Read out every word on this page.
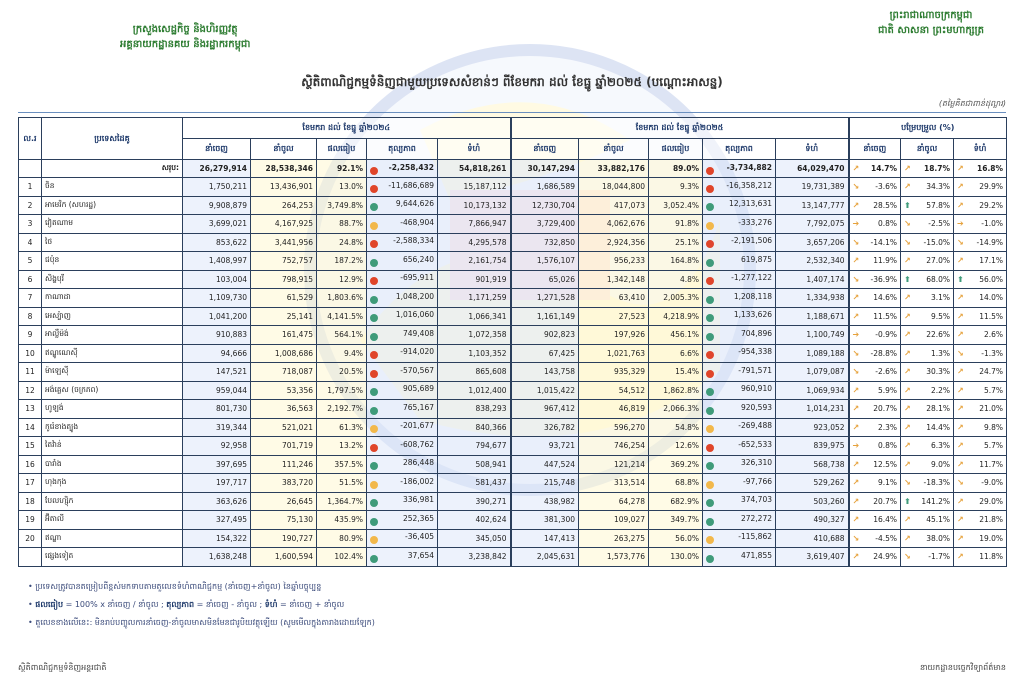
ក្រសួងសេដ្ឋកិច្ច និងហិរញ្ញវត្ថុ
អគ្គនាយកដ្ឋានគយ និងរដ្ឋាករកម្ពុជា
ព្រះរាជាណាចក្រកម្ពុជា
ជាតិ សាសនា ព្រះមហាក្សត្រ
ស្ថិតិពាណិជ្ជកម្មទំនិញជាមួយប្រទេសសំខាន់ៗ ពីខែមករា ដល់ ខែធ្នូ ឆ្នាំ២០២៥ (បណ្ដោះអាសន្ន)
(តម្លៃគិតជាពាន់ដុល្លារ)
ល.រ	ប្រទេសដៃគូ	ខែមករា ដល់ ខែធ្នូ ឆ្នាំ២០២៤					ខែមករា ដល់ ខែធ្នូ ឆ្នាំ២០២៥					បម្រែបម្រួល (%)		
		នាំចេញ	នាំចូល	ផលធៀប	តុល្យភាព	ទំហំ	នាំចេញ	នាំចូល	ផលធៀប	តុល្យភាព	ទំហំ	នាំចេញ	នាំចូល	ទំហំ
	សរុប:	26,279,914	28,538,346	92.1%	-2,258,432	54,818,261	30,147,294	33,882,176	89.0%	-3,734,882	64,029,470	↗ 14.7%	↗ 18.7%	↗ 16.8%
1	ចិន	1,750,211	13,436,901	13.0%	-11,686,689	15,187,112	1,686,589	18,044,800	9.3%	-16,358,212	19,731,389	↘ -3.6%	↗ 34.3%	↗ 29.9%
2	អាមេរិក (សហរដ្ឋ)	9,908,879	264,253	3,749.8%	9,644,626	10,173,132	12,730,704	417,073	3,052.4%	12,313,631	13,147,777	↗ 28.5%	⬆ 57.8%	↗ 29.2%
3	វៀតណាម	3,699,021	4,167,925	88.7%	-468,904	7,866,947	3,729,400	4,062,676	91.8%	-333,276	7,792,075	➔ 0.8%	↘ -2.5%	➔ -1.0%
4	ថៃ	853,622	3,441,956	24.8%	-2,588,334	4,295,578	732,850	2,924,356	25.1%	-2,191,506	3,657,206	↘ -14.1%	↘ -15.0%	↘ -14.9%
5	ជប៉ុន	1,408,997	752,757	187.2%	656,240	2,161,754	1,576,107	956,233	164.8%	619,875	2,532,340	↗ 11.9%	↗ 27.0%	↗ 17.1%
6	សិង្ហបុរី	103,004	798,915	12.9%	-695,911	901,919	65,026	1,342,148	4.8%	-1,277,122	1,407,174	↘ -36.9%	⬆ 68.0%	⬆ 56.0%
7	កាណាដា	1,109,730	61,529	1,803.6%	1,048,200	1,171,259	1,271,528	63,410	2,005.3%	1,208,118	1,334,938	↗ 14.6%	↗ 3.1%	↗ 14.0%
8	អេស្ប៉ាញ	1,041,200	25,141	4,141.5%	1,016,060	1,066,341	1,161,149	27,523	4,218.9%	1,133,626	1,188,671	↗ 11.5%	↗ 9.5%	↗ 11.5%
9	អាល្លឺម៉ង់	910,883	161,475	564.1%	749,408	1,072,358	902,823	197,926	456.1%	704,896	1,100,749	➔ -0.9%	↗ 22.6%	↗ 2.6%
10	ឥណ្ឌូណេស៊ី	94,666	1,008,686	9.4%	-914,020	1,103,352	67,425	1,021,763	6.6%	-954,338	1,089,188	↘ -28.8%	↗ 1.3%	↘ -1.3%
11	ម៉ាឡេស៊ី	147,521	718,087	20.5%	-570,567	865,608	143,758	935,329	15.4%	-791,571	1,079,087	↘ -2.6%	↗ 30.3%	↗ 24.7%
12	អង់គ្លេស (ចក្រភព)	959,044	53,356	1,797.5%	905,689	1,012,400	1,015,422	54,512	1,862.8%	960,910	1,069,934	↗ 5.9%	↗ 2.2%	↗ 5.7%
13	ហូឡង់	801,730	36,563	2,192.7%	765,167	838,293	967,412	46,819	2,066.3%	920,593	1,014,231	↗ 20.7%	↗ 28.1%	↗ 21.0%
14	កូរ៉េខាងត្បូង	319,344	521,021	61.3%	-201,677	840,366	326,782	596,270	54.8%	-269,488	923,052	↗ 2.3%	↗ 14.4%	↗ 9.8%
15	តៃវ៉ាន់	92,958	701,719	13.2%	-608,762	794,677	93,721	746,254	12.6%	-652,533	839,975	➔ 0.8%	↗ 6.3%	↗ 5.7%
16	បារាំង	397,695	111,246	357.5%	286,448	508,941	447,524	121,214	369.2%	326,310	568,738	↗ 12.5%	↗ 9.0%	↗ 11.7%
17	ហុងកុង	197,717	383,720	51.5%	-186,002	581,437	215,748	313,514	68.8%	-97,766	529,262	↗ 9.1%	↘ -18.3%	↘ -9.0%
18	បែលហ្ស៊ិក	363,626	26,645	1,364.7%	336,981	390,271	438,982	64,278	682.9%	374,703	503,260	↗ 20.7%	⬆ 141.2%	↗ 29.0%
19	អ៊ីតាលី	327,495	75,130	435.9%	252,365	402,624	381,300	109,027	349.7%	272,272	490,327	↗ 16.4%	↗ 45.1%	↗ 21.8%
20	ឥណ្ឌា	154,322	190,727	80.9%	-36,405	345,050	147,413	263,275	56.0%	-115,862	410,688	↘ -4.5%	↗ 38.0%	↗ 19.0%
	ផ្សេងទៀត	1,638,248	1,600,594	102.4%	37,654	3,238,842	2,045,631	1,573,776	130.0%	471,855	3,619,407	↗ 24.9%	↘ -1.7%	↗ 11.8%
• ប្រទេសត្រូវបានតម្រៀបពីខ្ពស់មកទាបតាមតួលេខទំហំពាណិជ្ជកម្ម (នាំចេញ+នាំចូល) នៃឆ្នាំបច្ចុប្បន្ន
• ផលធៀប = 100% x នាំចេញ / នាំចូល ; តុល្យភាព = នាំចេញ - នាំចូល ; ទំហំ = នាំចេញ + នាំចូល
• តួលេខខាងលើនេះ: មិនរាប់បញ្ចូលការនាំចេញ-នាំចូលមាសមិនមែនជារូបិយវត្ថុឡើយ (សូមមើលក្នុងតារាងដោយឡែក)
ស្ថិតិពាណិជ្ជកម្មទំនិញអន្តរជាតិ	នាយកដ្ឋានបច្ចេកវិទ្យាព័ត៌មាន
